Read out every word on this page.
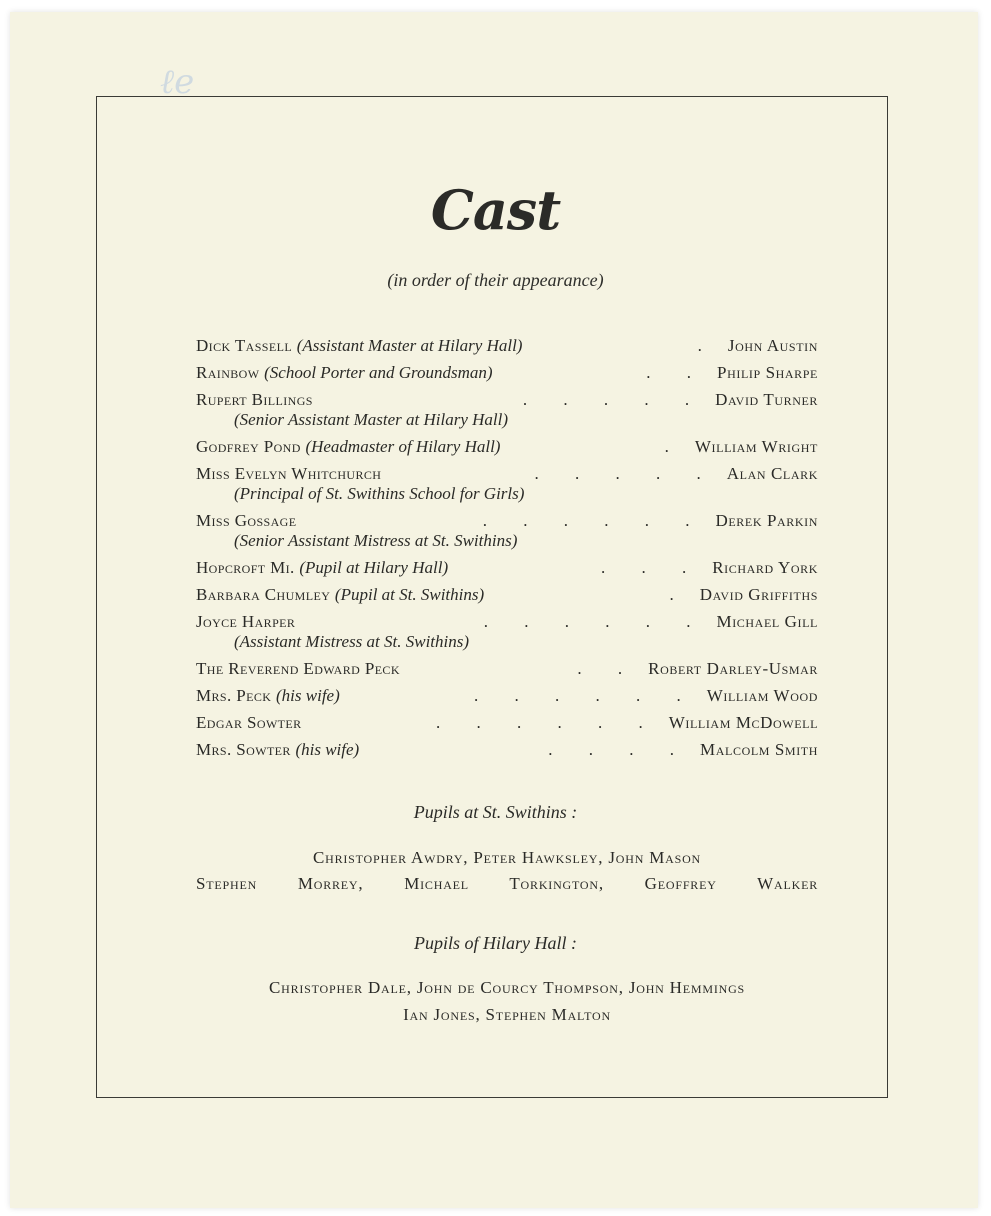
ℓe
Cast
(in order of their appearance)
Dick Tassell (Assistant Master at Hilary Hall)	. John Austin
Rainbow (School Porter and Groundsman)	. . Philip Sharpe
Rupert Billings	. . . . . David Turner
(Senior Assistant Master at Hilary Hall)
Godfrey Pond (Headmaster of Hilary Hall)	. William Wright
Miss Evelyn Whitchurch	. . . . . Alan Clark
(Principal of St. Swithins School for Girls)
Miss Gossage	. . . . . . Derek Parkin
(Senior Assistant Mistress at St. Swithins)
Hopcroft Mi. (Pupil at Hilary Hall)	. . . Richard York
Barbara Chumley (Pupil at St. Swithins)	. David Griffiths
Joyce Harper	. . . . . . Michael Gill
(Assistant Mistress at St. Swithins)
The Reverend Edward Peck	. . Robert Darley-Usmar
Mrs. Peck (his wife)	. . . . . . William Wood
Edgar Sowter	. . . . . . William McDowell
Mrs. Sowter (his wife)	. . . . Malcolm Smith
Pupils at St. Swithins :
Christopher Awdry, Peter Hawksley, John Mason
Stephen Morrey, Michael Torkington, Geoffrey Walker
Pupils of Hilary Hall :
Christopher Dale, John de Courcy Thompson, John Hemmings
Ian Jones, Stephen Malton
